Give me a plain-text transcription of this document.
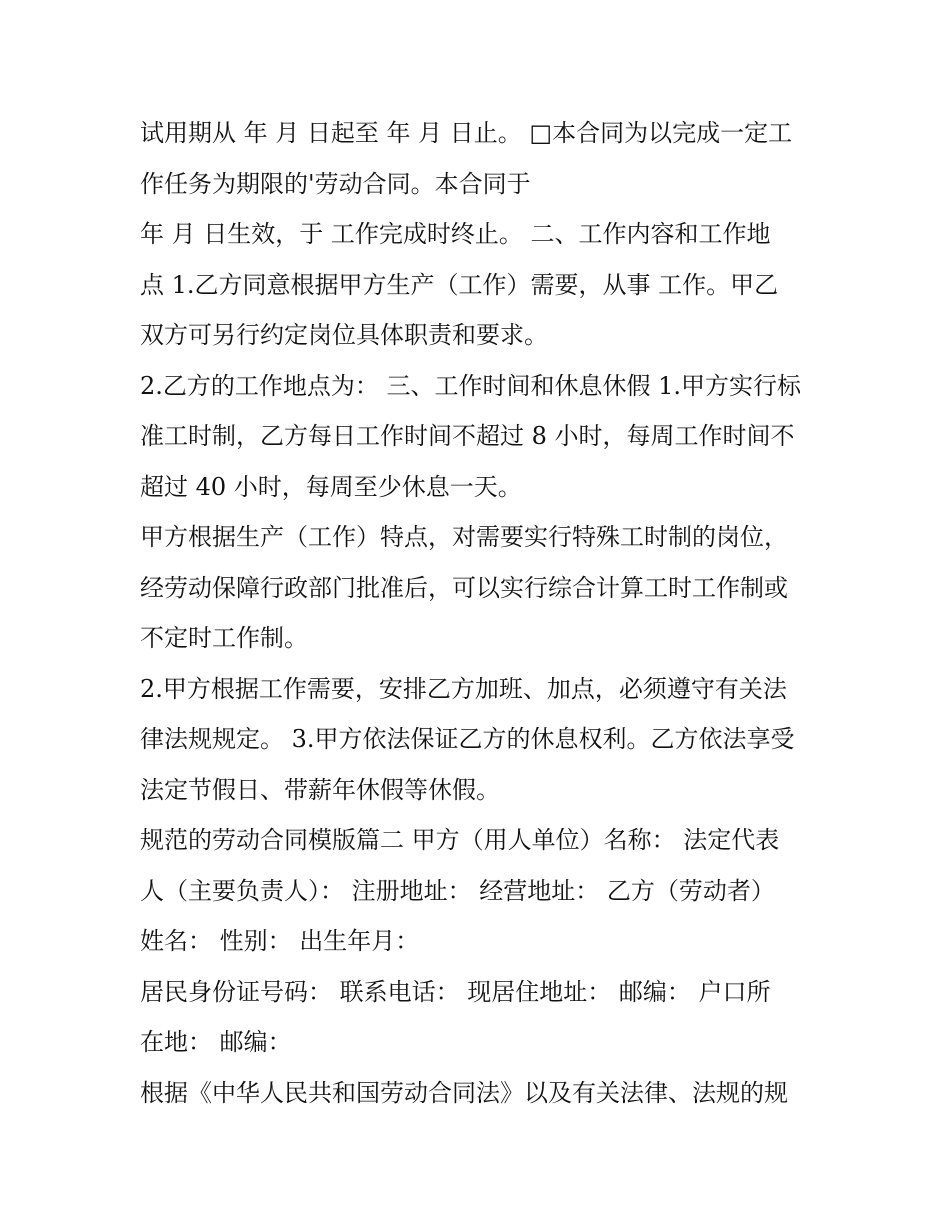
试用期从 年 月 日起至 年 月 日止。 □本合同为以完成一定工
作任务为期限的'劳动合同。本合同于
年 月 日生效，于 工作完成时终止。 二、工作内容和工作地
点 1.乙方同意根据甲方生产（工作）需要，从事 工作。甲乙
双方可另行约定岗位具体职责和要求。
2.乙方的工作地点为： 三、工作时间和休息休假 1.甲方实行标
准工时制，乙方每日工作时间不超过 8 小时，每周工作时间不
超过 40 小时，每周至少休息一天。
甲方根据生产（工作）特点，对需要实行特殊工时制的岗位，
经劳动保障行政部门批准后，可以实行综合计算工时工作制或
不定时工作制。
2.甲方根据工作需要，安排乙方加班、加点，必须遵守有关法
律法规规定。 3.甲方依法保证乙方的休息权利。乙方依法享受
法定节假日、带薪年休假等休假。
规范的劳动合同模版篇二 甲方（用人单位）名称： 法定代表
人（主要负责人）： 注册地址： 经营地址： 乙方（劳动者）
姓名： 性别： 出生年月：
居民身份证号码： 联系电话： 现居住地址： 邮编： 户口所
在地： 邮编：
根据《中华人民共和国劳动合同法》以及有关法律、法规的规
